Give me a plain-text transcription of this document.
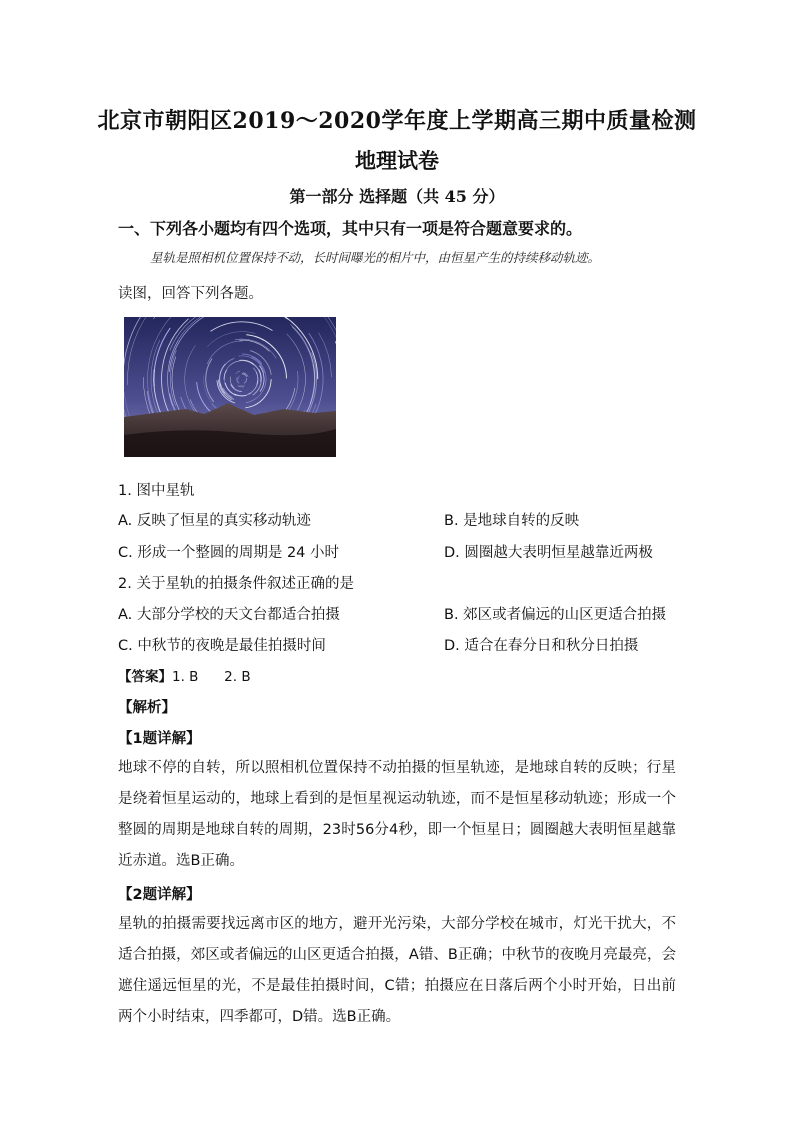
北京市朝阳区2019～2020学年度上学期高三期中质量检测
地理试卷
第一部分 选择题（共 45 分）
一、下列各小题均有四个选项，其中只有一项是符合题意要求的。
星轨是照相机位置保持不动，长时间曝光的相片中，由恒星产生的持续移动轨迹。
读图，回答下列各题。
1. 图中星轨
A. 反映了恒星的真实移动轨迹	B. 是地球自转的反映
C. 形成一个整圆的周期是 24 小时	D. 圆圈越大表明恒星越靠近两极
2. 关于星轨的拍摄条件叙述正确的是
A. 大部分学校的天文台都适合拍摄	B. 郊区或者偏远的山区更适合拍摄
C. 中秋节的夜晚是最佳拍摄时间	D. 适合在春分日和秋分日拍摄
【答案】1. B      2. B
【解析】
【1题详解】
地球不停的自转，所以照相机位置保持不动拍摄的恒星轨迹，是地球自转的反映；行星是绕着恒星运动的，地球上看到的是恒星视运动轨迹，而不是恒星移动轨迹；形成一个整圆的周期是地球自转的周期，23时56分4秒，即一个恒星日；圆圈越大表明恒星越靠近赤道。选B正确。
【2题详解】
星轨的拍摄需要找远离市区的地方，避开光污染，大部分学校在城市，灯光干扰大，不适合拍摄，郊区或者偏远的山区更适合拍摄，A错、B正确；中秋节的夜晚月亮最亮，会遮住遥远恒星的光，不是最佳拍摄时间，C错；拍摄应在日落后两个小时开始，日出前两个小时结束，四季都可，D错。选B正确。
